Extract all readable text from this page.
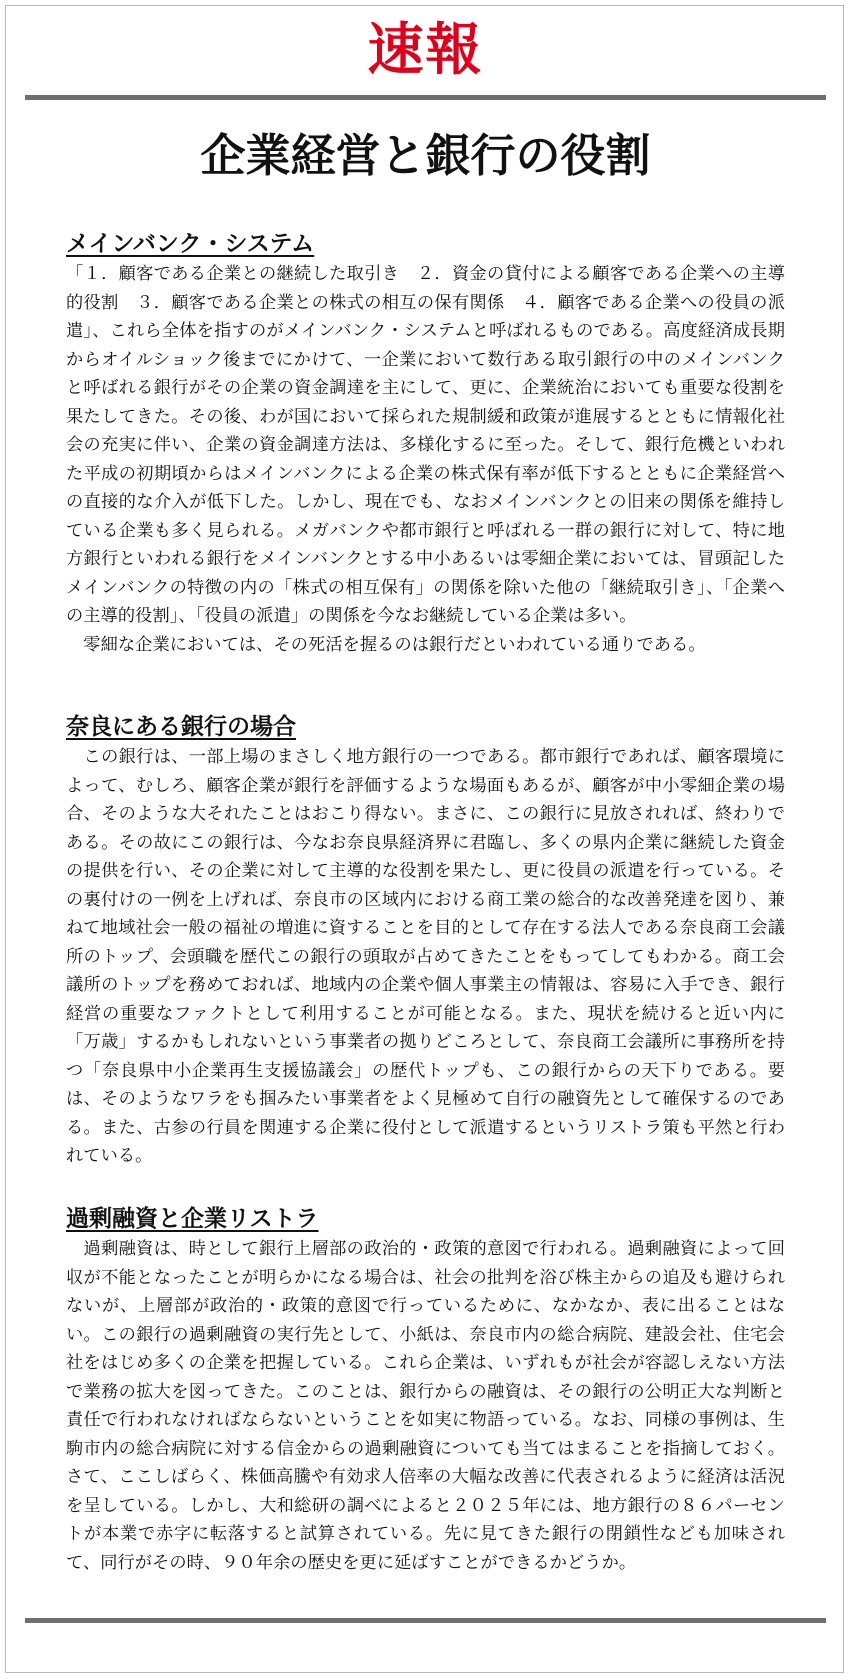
速報
企業経営と銀行の役割
メインバンク・システム

「１．顧客である企業との継続した取引き　２．資金の貸付による顧客である企業への主導的役割　３．顧客である企業との株式の相互の保有関係　４．顧客である企業への役員の派遣」、これら全体を指すのがメインバンク・システムと呼ばれるものである。高度経済成長期からオイルショック後までにかけて、一企業において数行ある取引銀行の中のメインバンクと呼ばれる銀行がその企業の資金調達を主にして、更に、企業統治においても重要な役割を果たしてきた。その後、わが国において採られた規制緩和政策が進展するとともに情報化社会の充実に伴い、企業の資金調達方法は、多様化するに至った。そして、銀行危機といわれた平成の初期頃からはメインバンクによる企業の株式保有率が低下するとともに企業経営への直接的な介入が低下した。しかし、現在でも、なおメインバンクとの旧来の関係を維持している企業も多く見られる。メガバンクや都市銀行と呼ばれる一群の銀行に対して、特に地方銀行といわれる銀行をメインバンクとする中小あるいは零細企業においては、冒頭記したメインバンクの特徴の内の「株式の相互保有」の関係を除いた他の「継続取引き」、「企業への主導的役割」、「役員の派遣」の関係を今なお継続している企業は多い。

　零細な企業においては、その死活を握るのは銀行だといわれている通りである。

奈良にある銀行の場合

　この銀行は、一部上場のまさしく地方銀行の一つである。都市銀行であれば、顧客環境によって、むしろ、顧客企業が銀行を評価するような場面もあるが、顧客が中小零細企業の場合、そのような大それたことはおこり得ない。まさに、この銀行に見放されれば、終わりである。その故にこの銀行は、今なお奈良県経済界に君臨し、多くの県内企業に継続した資金の提供を行い、その企業に対して主導的な役割を果たし、更に役員の派遣を行っている。その裏付けの一例を上げれば、奈良市の区域内における商工業の総合的な改善発達を図り、兼ねて地域社会一般の福祉の増進に資することを目的として存在する法人である奈良商工会議所のトップ、会頭職を歴代この銀行の頭取が占めてきたことをもってしてもわかる。商工会議所のトップを務めておれば、地域内の企業や個人事業主の情報は、容易に入手でき、銀行経営の重要なファクトとして利用することが可能となる。また、現状を続けると近い内に「万歳」するかもしれないという事業者の拠りどころとして、奈良商工会議所に事務所を持つ「奈良県中小企業再生支援協議会」の歴代トップも、この銀行からの天下りである。要は、そのようなワラをも掴みたい事業者をよく見極めて自行の融資先として確保するのである。また、古参の行員を関連する企業に役付として派遣するというリストラ策も平然と行われている。

過剰融資と企業リストラ

　過剰融資は、時として銀行上層部の政治的・政策的意図で行われる。過剰融資によって回収が不能となったことが明らかになる場合は、社会の批判を浴び株主からの追及も避けられないが、上層部が政治的・政策的意図で行っているために、なかなか、表に出ることはない。この銀行の過剰融資の実行先として、小紙は、奈良市内の総合病院、建設会社、住宅会社をはじめ多くの企業を把握している。これら企業は、いずれもが社会が容認しえない方法で業務の拡大を図ってきた。このことは、銀行からの融資は、その銀行の公明正大な判断と責任で行われなければならないということを如実に物語っている。なお、同様の事例は、生駒市内の総合病院に対する信金からの過剰融資についても当てはまることを指摘しておく。さて、ここしばらく、株価高騰や有効求人倍率の大幅な改善に代表されるように経済は活況を呈している。しかし、大和総研の調べによると２０２５年には、地方銀行の８６パーセントが本業で赤字に転落すると試算されている。先に見てきた銀行の閉鎖性なども加味されて、同行がその時、９０年余の歴史を更に延ばすことができるかどうか。
